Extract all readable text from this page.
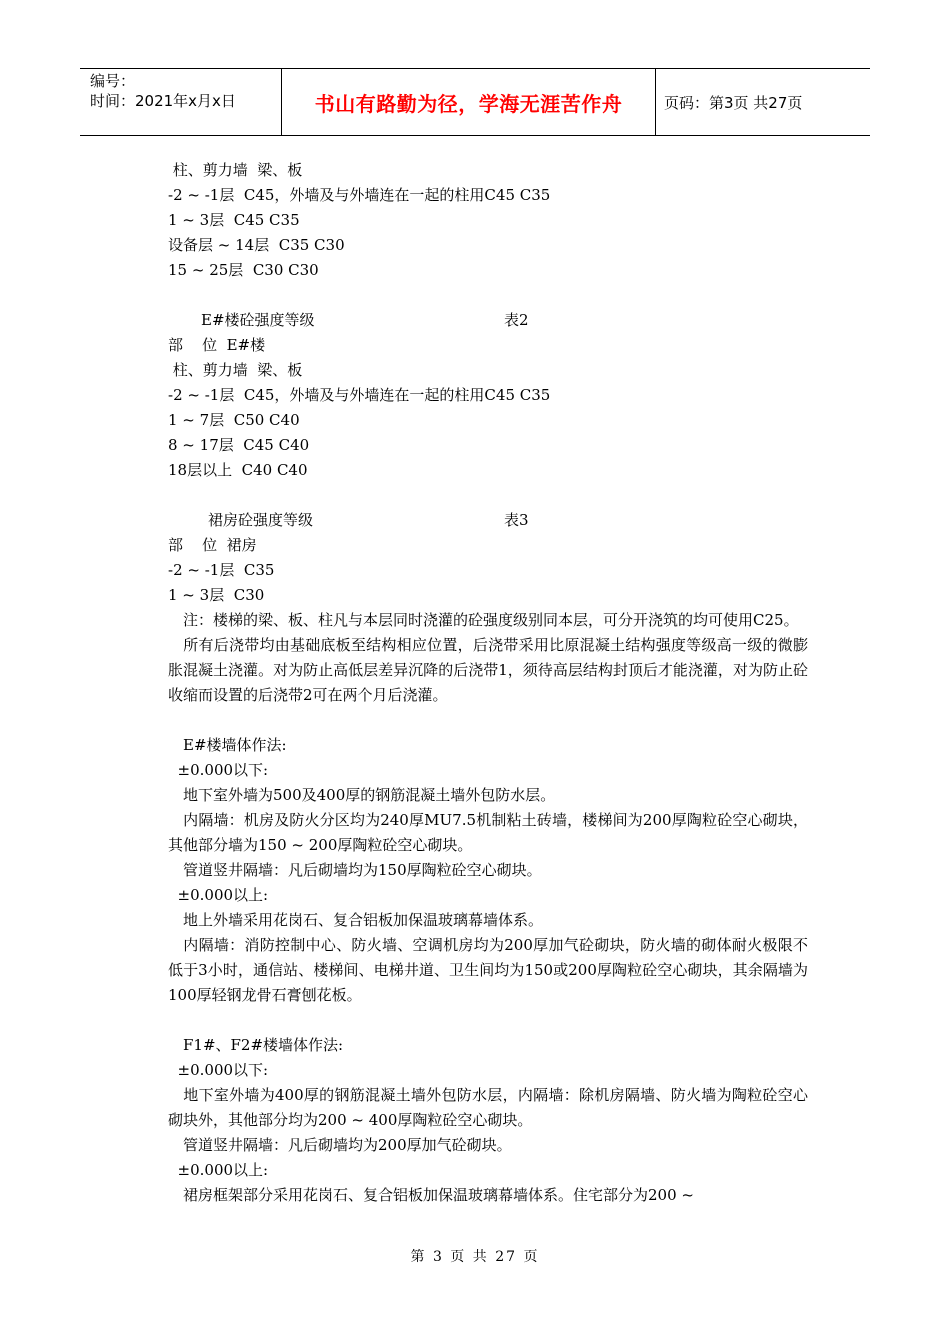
编号：
时间：2021年x月x日	书山有路勤为径，学海无涯苦作舟	页码：第3页 共27页
柱、剪力墙  梁、板
-2 ~ -1层  C45，外墙及与外墙连在一起的柱用C45 C35
1 ~ 3层  C45 C35
设备层 ~ 14层  C35 C30
15 ~ 25层  C30 C30
E#楼砼强度等级	表2
部    位  E#楼
柱、剪力墙  梁、板
-2 ~ -1层  C45，外墙及与外墙连在一起的柱用C45 C35
1 ~ 7层  C50 C40
8 ~ 17层  C45 C40
18层以上  C40 C40
裙房砼强度等级	表3
部    位  裙房
-2 ~ -1层  C35
1 ~ 3层  C30
　注：楼梯的梁、板、柱凡与本层同时浇灌的砼强度级别同本层，可分开浇筑的均可使用C25。
　所有后浇带均由基础底板至结构相应位置，后浇带采用比原混凝土结构强度等级高一级的微膨胀混凝土浇灌。对为防止高低层差异沉降的后浇带1，须待高层结构封顶后才能浇灌，对为防止砼收缩而设置的后浇带2可在两个月后浇灌。
　E#楼墙体作法:
±0.000以下:
　地下室外墙为500及400厚的钢筋混凝土墙外包防水层。
　内隔墙：机房及防火分区均为240厚MU7.5机制粘土砖墙，楼梯间为200厚陶粒砼空心砌块，其他部分墙为150 ~ 200厚陶粒砼空心砌块。
　管道竖井隔墙：凡后砌墙均为150厚陶粒砼空心砌块。
±0.000以上:
　地上外墙采用花岗石、复合铝板加保温玻璃幕墙体系。
　内隔墙：消防控制中心、防火墙、空调机房均为200厚加气砼砌块，防火墙的砌体耐火极限不低于3小时，通信站、楼梯间、电梯井道、卫生间均为150或200厚陶粒砼空心砌块，其余隔墙为100厚轻钢龙骨石膏刨花板。
　F1#、F2#楼墙体作法:
±0.000以下:
　地下室外墙为400厚的钢筋混凝土墙外包防水层，内隔墙：除机房隔墙、防火墙为陶粒砼空心砌块外，其他部分均为200 ~ 400厚陶粒砼空心砌块。
　管道竖井隔墙：凡后砌墙均为200厚加气砼砌块。
±0.000以上:
　裙房框架部分采用花岗石、复合铝板加保温玻璃幕墙体系。住宅部分为200 ~
第 3 页 共 27 页
